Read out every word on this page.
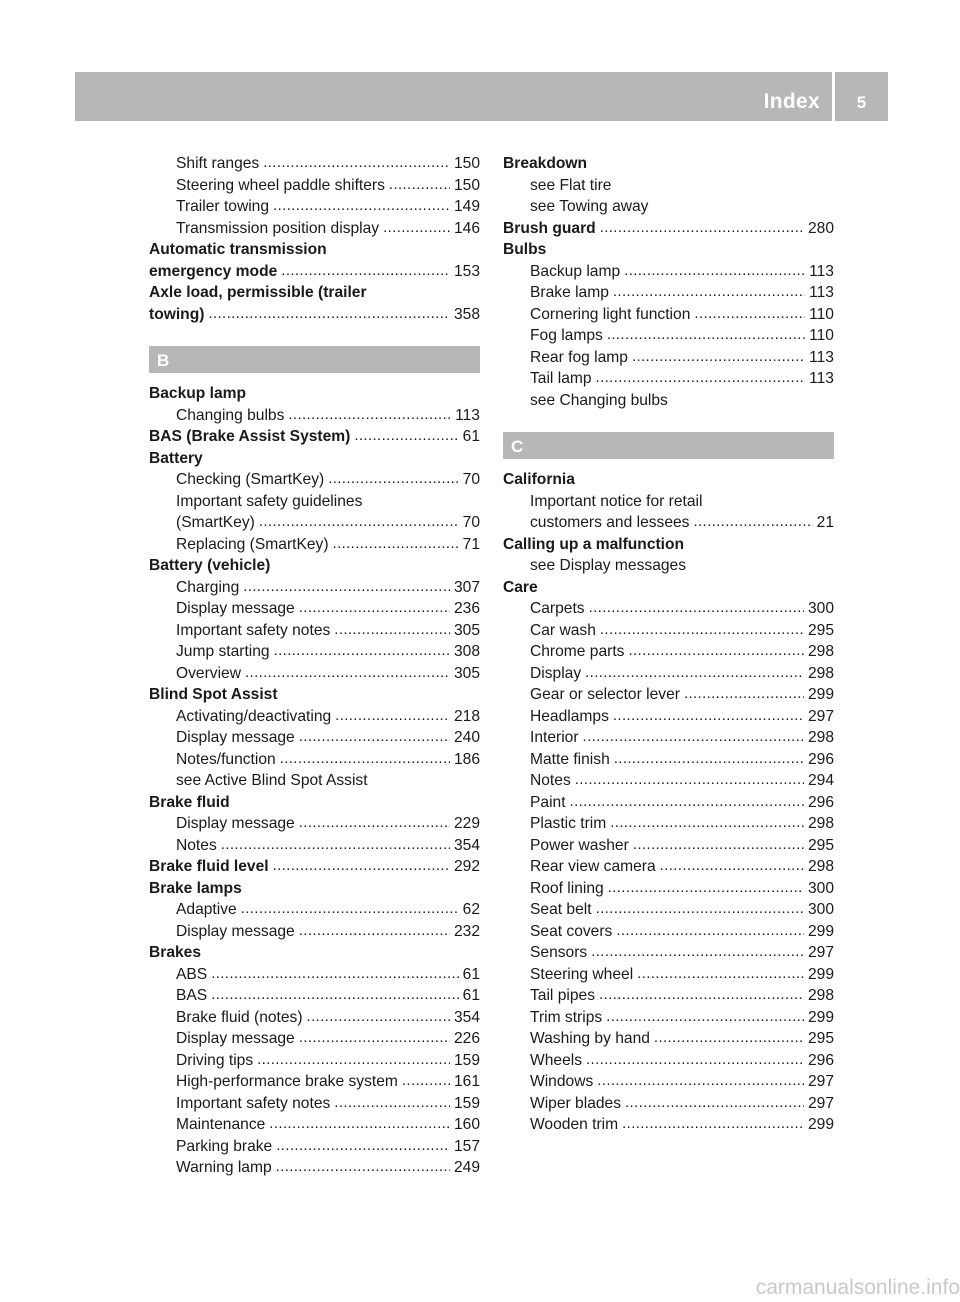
Index	5
Shift ranges . . .	150
Steering wheel paddle shifters . . .	150
Trailer towing . . .	149
Transmission position display . . .	146
Automatic transmission
emergency mode . . .	153
Axle load, permissible (trailer
towing) . . .	358
B
Backup lamp
Changing bulbs . . .	113
BAS (Brake Assist System) . . .	61
Battery
Checking (SmartKey) . . .	70
Important safety guidelines
(SmartKey) . . .	70
Replacing (SmartKey) . . .	71
Battery (vehicle)
Charging . . .	307
Display message . . .	236
Important safety notes . . .	305
Jump starting . . .	308
Overview . . .	305
Blind Spot Assist
Activating/deactivating . . .	218
Display message . . .	240
Notes/function . . .	186
see Active Blind Spot Assist
Brake fluid
Display message . . .	229
Notes . . .	354
Brake fluid level . . .	292
Brake lamps
Adaptive . . .	62
Display message . . .	232
Brakes
ABS . . .	61
BAS . . .	61
Brake fluid (notes) . . .	354
Display message . . .	226
Driving tips . . .	159
High-performance brake system . . .	161
Important safety notes . . .	159
Maintenance . . .	160
Parking brake . . .	157
Warning lamp . . .	249
Breakdown
see Flat tire
see Towing away
Brush guard . . .	280
Bulbs
Backup lamp . . .	113
Brake lamp . . .	113
Cornering light function . . .	110
Fog lamps . . .	110
Rear fog lamp . . .	113
Tail lamp . . .	113
see Changing bulbs
C
California
Important notice for retail
customers and lessees . . .	21
Calling up a malfunction
see Display messages
Care
Carpets . . .	300
Car wash . . .	295
Chrome parts . . .	298
Display . . .	298
Gear or selector lever . . .	299
Headlamps . . .	297
Interior . . .	298
Matte finish . . .	296
Notes . . .	294
Paint . . .	296
Plastic trim . . .	298
Power washer . . .	295
Rear view camera . . .	298
Roof lining . . .	300
Seat belt . . .	300
Seat covers . . .	299
Sensors . . .	297
Steering wheel . . .	299
Tail pipes . . .	298
Trim strips . . .	299
Washing by hand . . .	295
Wheels . . .	296
Windows . . .	297
Wiper blades . . .	297
Wooden trim . . .	299
carmanualsonline.info
